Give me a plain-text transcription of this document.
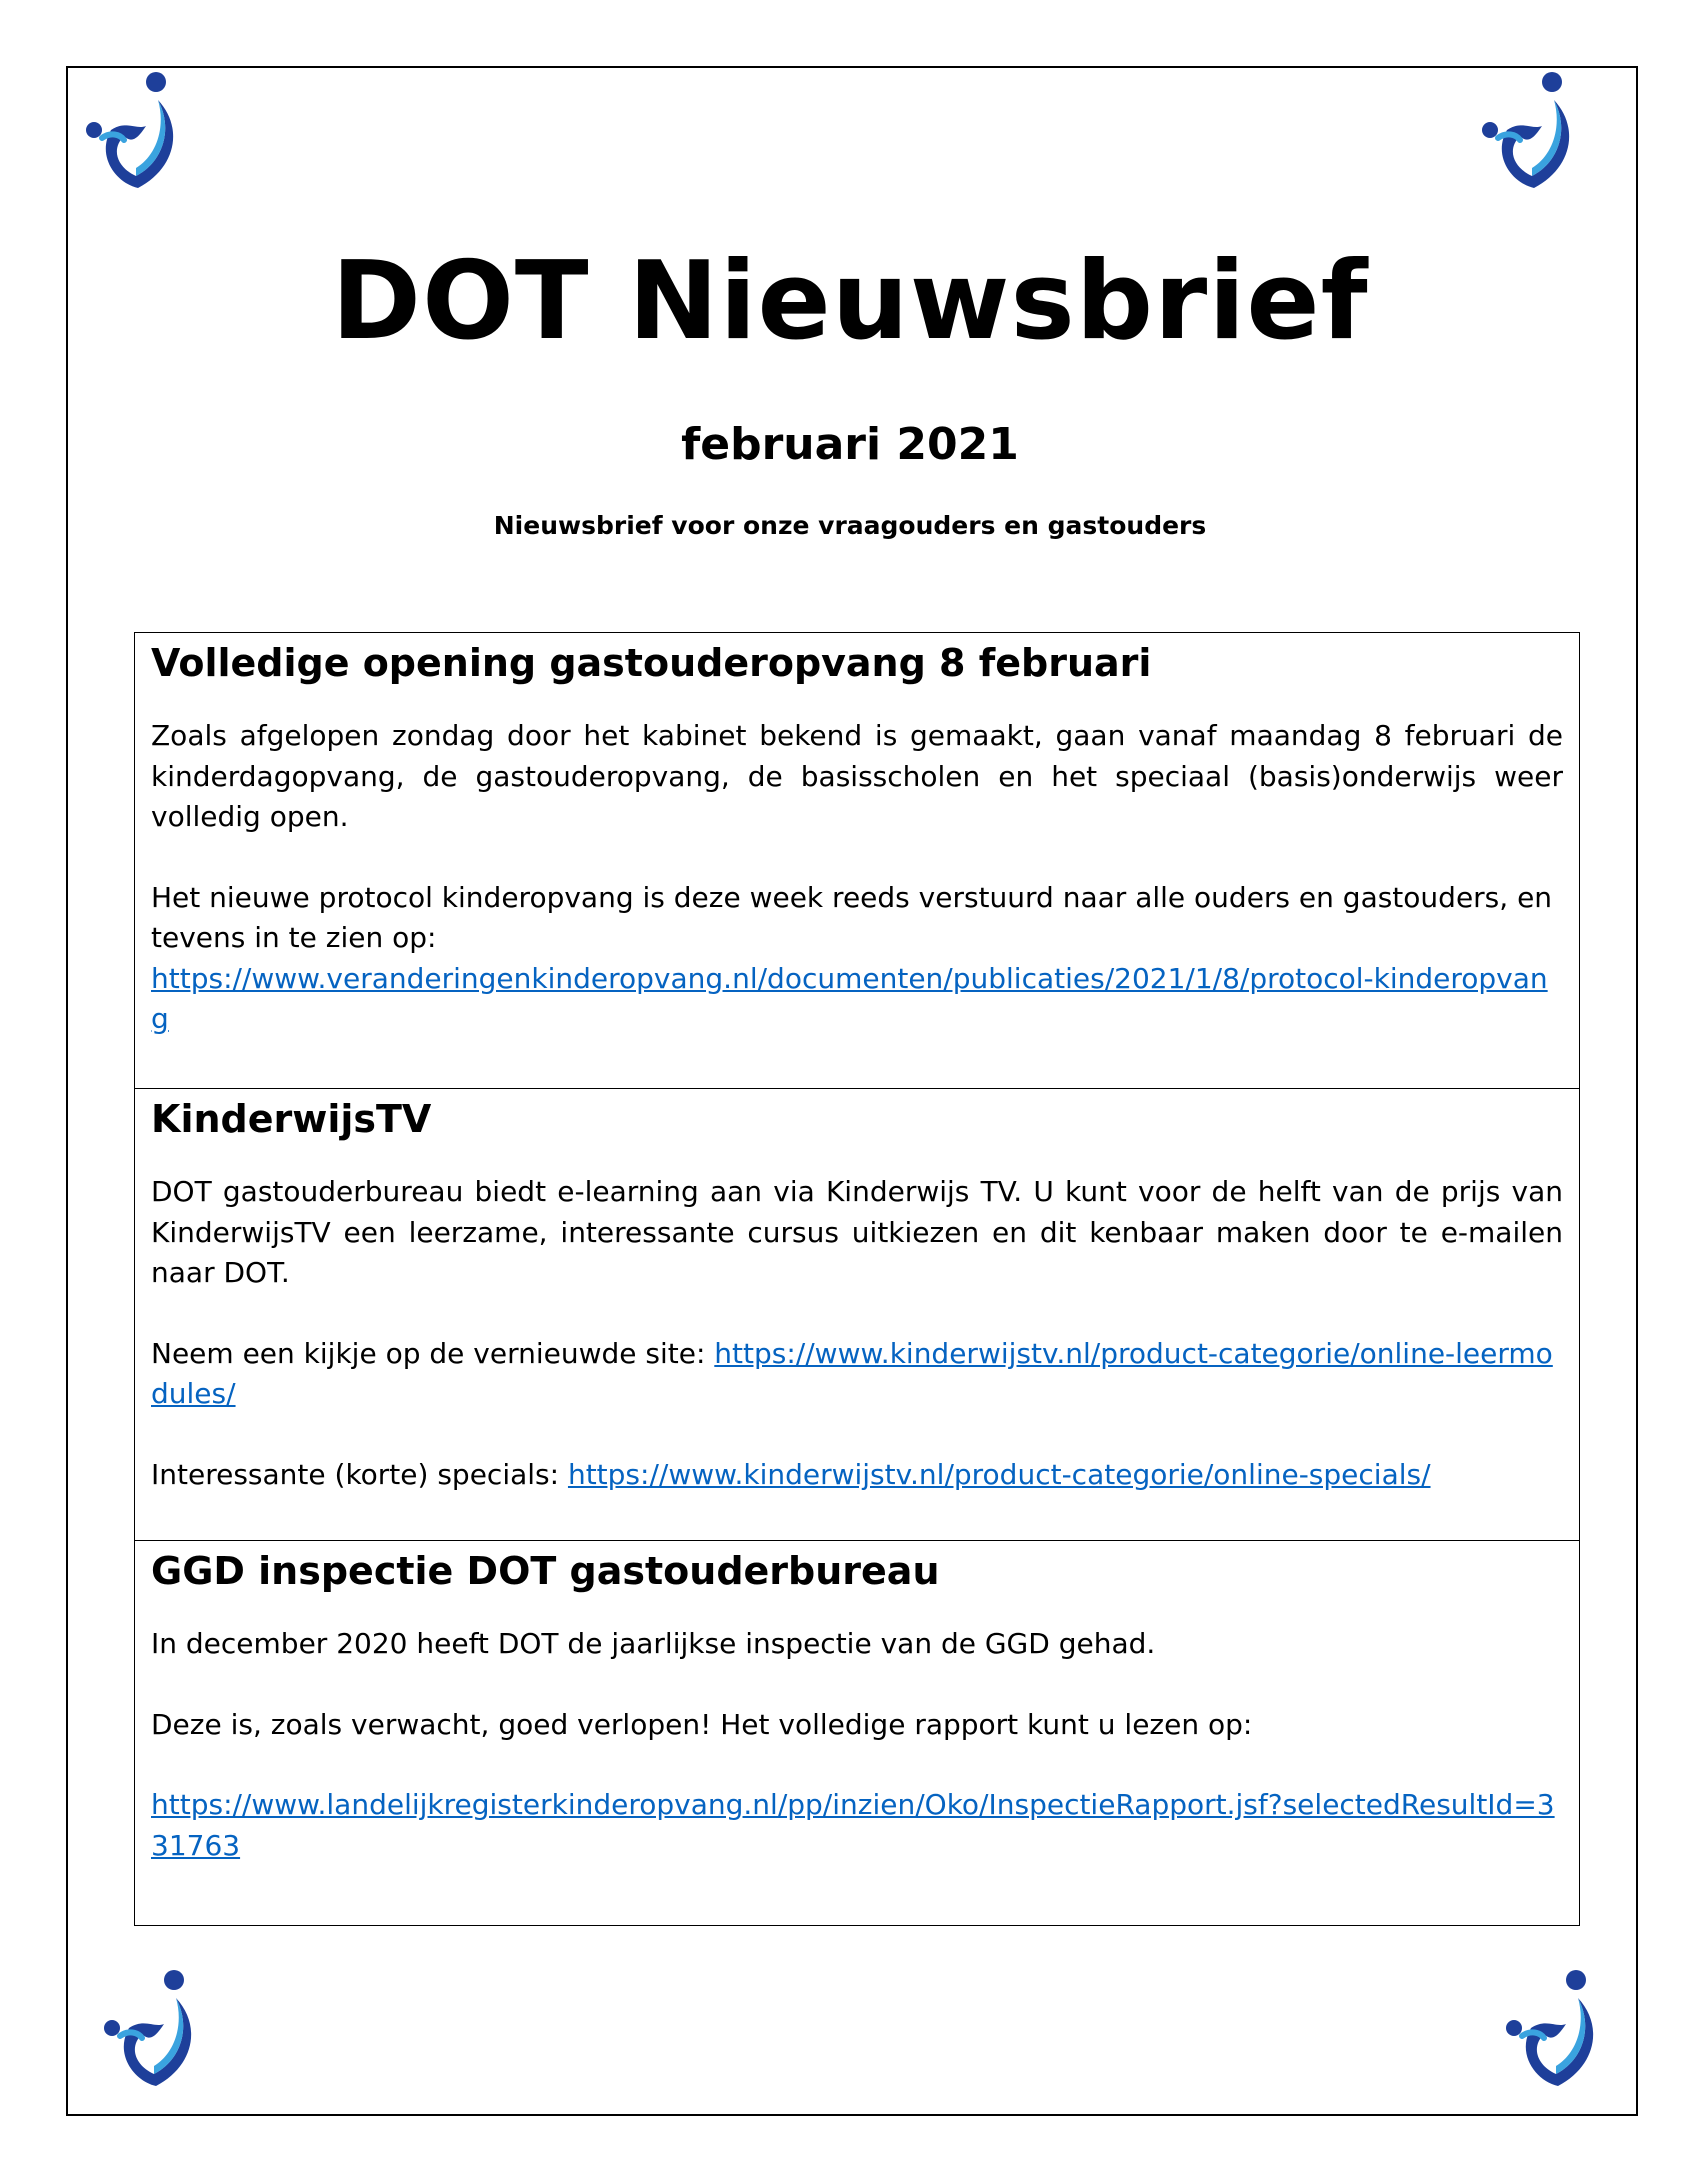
DOT Nieuwsbrief
februari 2021
Nieuwsbrief voor onze vraagouders en gastouders
Volledige opening gastouderopvang 8 februari

Zoals afgelopen zondag door het kabinet bekend is gemaakt, gaan vanaf maandag 8 februari de kinderdagopvang, de gastouderopvang, de basisscholen en het speciaal (basis)onderwijs weer volledig open.

Het nieuwe protocol kinderopvang is deze week reeds verstuurd naar alle ouders en gastouders, en tevens in te zien op:
https://www.veranderingenkinderopvang.nl/documenten/publicaties/2021/1/8/protocol-kinderopvang

KinderwijsTV

DOT gastouderbureau biedt e-learning aan via Kinderwijs TV. U kunt voor de helft van de prijs van KinderwijsTV een leerzame, interessante cursus uitkiezen en dit kenbaar maken door te e-mailen naar DOT.

Neem een kijkje op de vernieuwde site: https://www.kinderwijstv.nl/product-categorie/online-leermodules/

Interessante (korte) specials: https://www.kinderwijstv.nl/product-categorie/online-specials/

GGD inspectie DOT gastouderbureau

In december 2020 heeft DOT de jaarlijkse inspectie van de GGD gehad.

Deze is, zoals verwacht, goed verlopen! Het volledige rapport kunt u lezen op:

https://www.landelijkregisterkinderopvang.nl/pp/inzien/Oko/InspectieRapport.jsf?selectedResultId=331763
